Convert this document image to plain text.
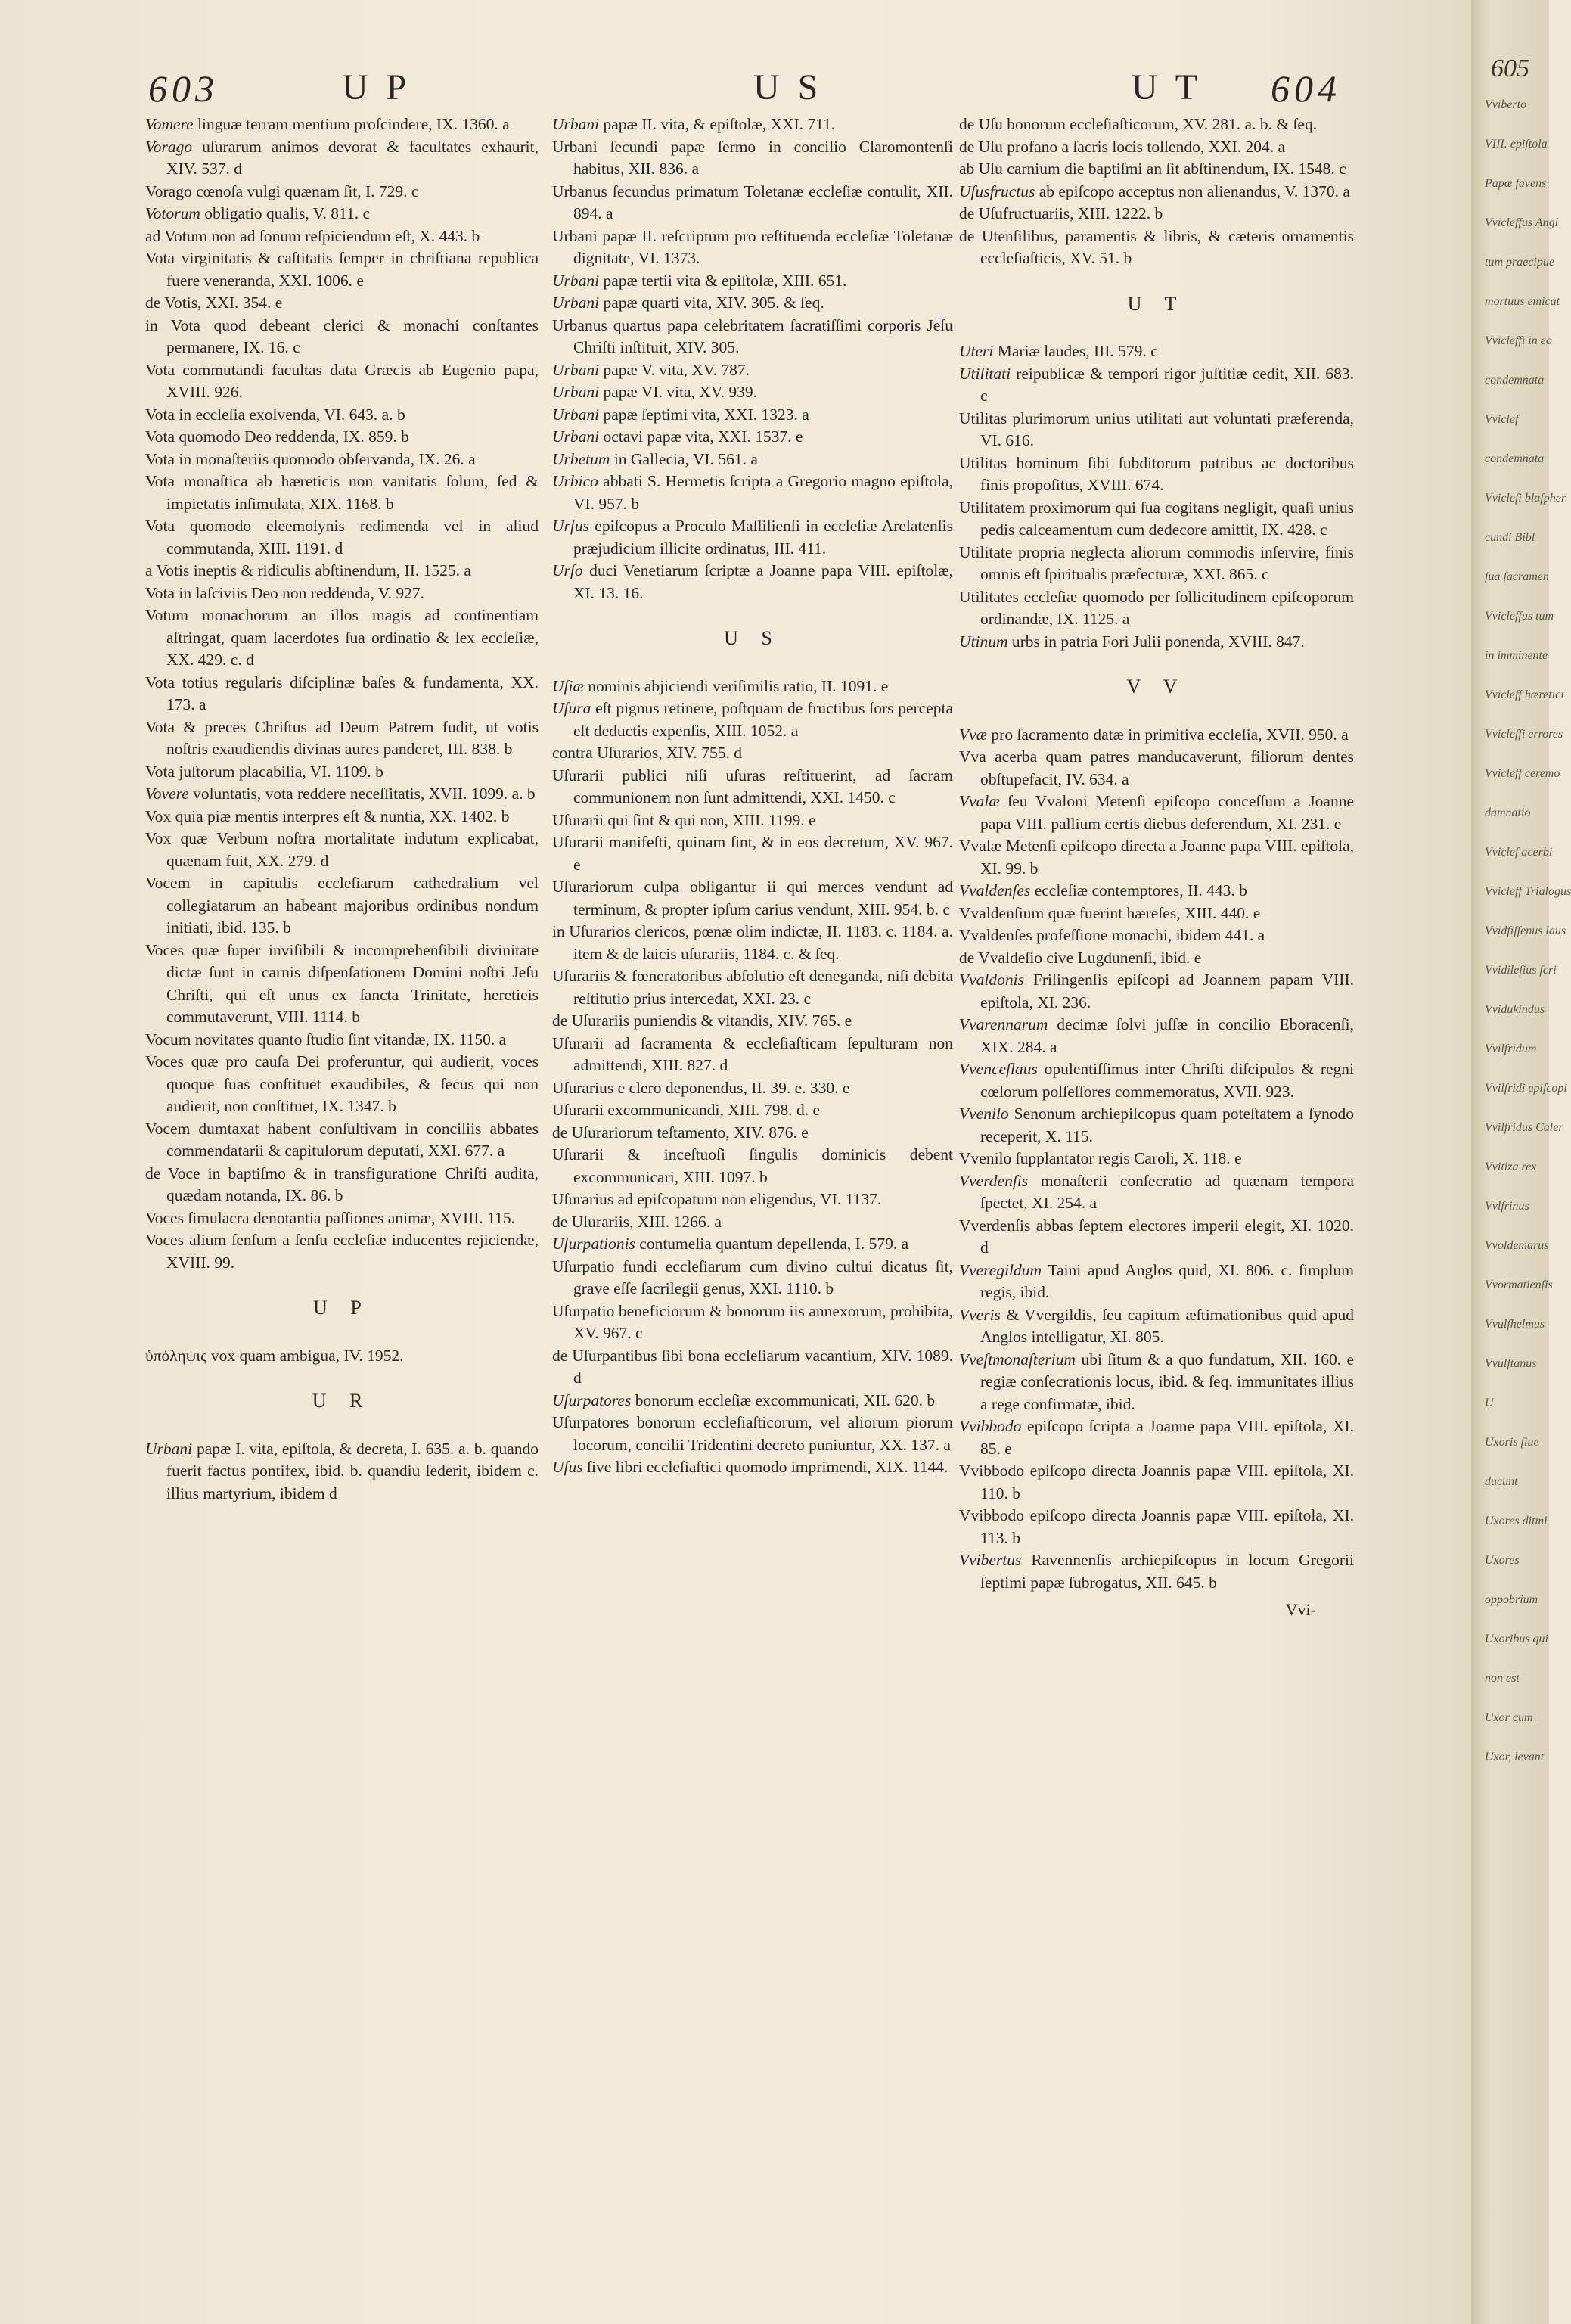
603	U P	U S	U T 604
Vomere linguæ terram mentium proſcindere, IX. 1360. a
Vorago uſurarum animos devorat & facultates exhaurit, XIV. 537. d
Vorago cœnoſa vulgi quænam ſit, I. 729. c
Votorum obligatio qualis, V. 811. c
ad Votum non ad ſonum reſpiciendum eſt, X. 443. b
Vota virginitatis & caſtitatis ſemper in chriſtiana republica fuere veneranda, XXI. 1006. e
de Votis, XXI. 354. e
in Vota quod debeant clerici & monachi conſtantes permanere, IX. 16. c
Vota commutandi facultas data Græcis ab Eugenio papa, XVIII. 926.
Vota in eccleſia exolvenda, VI. 643. a. b
Vota quomodo Deo reddenda, IX. 859. b
Vota in monaſteriis quomodo obſervanda, IX. 26. a
Vota monaſtica ab hæreticis non vanitatis ſolum, ſed & impietatis inſimulata, XIX. 1168. b
Vota quomodo eleemoſynis redimenda vel in aliud commutanda, XIII. 1191. d
a Votis ineptis & ridiculis abſtinendum, II. 1525. a
Vota in laſciviis Deo non reddenda, V. 927.
Votum monachorum an illos magis ad continentiam aſtringat, quam ſacerdotes ſua ordinatio & lex eccleſiæ, XX. 429. c. d
Vota totius regularis diſciplinæ baſes & fundamenta, XX. 173. a
Vota & preces Chriſtus ad Deum Patrem fudit, ut votis noſtris exaudiendis divinas aures panderet, III. 838. b
Vota juſtorum placabilia, VI. 1109. b
Vovere voluntatis, vota reddere neceſſitatis, XVII. 1099. a. b
Vox quia piæ mentis interpres eſt & nuntia, XX. 1402. b
Vox quæ Verbum noſtra mortalitate indutum explicabat, quænam fuit, XX. 279. d
Vocem in capitulis eccleſiarum cathedralium vel collegiatarum an habeant majoribus ordinibus nondum initiati, ibid. 135. b
Voces quæ ſuper inviſibili & incomprehenſibili divinitate dictæ ſunt in carnis diſpenſationem Domini noſtri Jeſu Chriſti, qui eſt unus ex ſancta Trinitate, heretieis commutaverunt, VIII. 1114. b
Vocum novitates quanto ſtudio ſint vitandæ, IX. 1150. a
Voces quæ pro cauſa Dei proferuntur, qui audierit, voces quoque ſuas conſtituet exaudibiles, & ſecus qui non audierit, non conſtituet, IX. 1347. b
Vocem dumtaxat habent conſultivam in conciliis abbates commendatarii & capitulorum deputati, XXI. 677. a
de Voce in baptiſmo & in transfiguratione Chriſti audita, quædam notanda, IX. 86. b
Voces ſimulacra denotantia paſſiones animæ, XVIII. 115.
Voces alium ſenſum a ſenſu eccleſiæ inducentes rejiciendæ, XVIII. 99.
U P
ὑπόληψις vox quam ambigua, IV. 1952.
U R
Urbani papæ I. vita, epiſtola, & decreta, I. 635. a. b. quando fuerit factus pontifex, ibid. b. quandiu ſederit, ibidem c. illius martyrium, ibidem d
Urbani papæ II. vita, & epiſtolæ, XXI. 711.
Urbani ſecundi papæ ſermo in concilio Claromontenſi habitus, XII. 836. a
Urbanus ſecundus primatum Toletanæ eccleſiæ contulit, XII. 894. a
Urbani papæ II. reſcriptum pro reſtituenda eccleſiæ Toletanæ dignitate, VI. 1373.
Urbani papæ tertii vita & epiſtolæ, XIII. 651.
Urbani papæ quarti vita, XIV. 305. & ſeq.
Urbanus quartus papa celebritatem ſacratiſſimi corporis Jeſu Chriſti inſtituit, XIV. 305.
Urbani papæ V. vita, XV. 787.
Urbani papæ VI. vita, XV. 939.
Urbani papæ ſeptimi vita, XXI. 1323. a
Urbani octavi papæ vita, XXI. 1537. e
Urbetum in Gallecia, VI. 561. a
Urbico abbati S. Hermetis ſcripta a Gregorio magno epiſtola, VI. 957. b
Urſus epiſcopus a Proculo Maſſilienſi in eccleſiæ Arelatenſis præjudicium illicite ordinatus, III. 411.
Urſo duci Venetiarum ſcriptæ a Joanne papa VIII. epiſtolæ, XI. 13. 16.
U S
Uſiæ nominis abjiciendi veriſimilis ratio, II. 1091. e
Uſura eſt pignus retinere, poſtquam de fructibus ſors percepta eſt deductis expenſis, XIII. 1052. a
contra Uſurarios, XIV. 755. d
Uſurarii publici niſi uſuras reſtituerint, ad ſacram communionem non ſunt admittendi, XXI. 1450. c
Uſurarii qui ſint & qui non, XIII. 1199. e
Uſurarii manifeſti, quinam ſint, & in eos decretum, XV. 967. e
Uſurariorum culpa obligantur ii qui merces vendunt ad terminum, & propter ipſum carius vendunt, XIII. 954. b. c
in Uſurarios clericos, pœnæ olim indictæ, II. 1183. c. 1184. a. item & de laicis uſurariis, 1184. c. & ſeq.
Uſurariis & fœneratoribus abſolutio eſt deneganda, niſi debita reſtitutio prius intercedat, XXI. 23. c
de Uſurariis puniendis & vitandis, XIV. 765. e
Uſurarii ad ſacramenta & eccleſiaſticam ſepulturam non admittendi, XIII. 827. d
Uſurarius e clero deponendus, II. 39. e. 330. e
Uſurarii excommunicandi, XIII. 798. d. e
de Uſurariorum teſtamento, XIV. 876. e
Uſurarii & inceſtuoſi ſingulis dominicis debent excommunicari, XIII. 1097. b
Uſurarius ad epiſcopatum non eligendus, VI. 1137.
de Uſurariis, XIII. 1266. a
Uſurpationis contumelia quantum depellenda, I. 579. a
Uſurpatio fundi eccleſiarum cum divino cultui dicatus ſit, grave eſſe ſacrilegii genus, XXI. 1110. b
Uſurpatio beneficiorum & bonorum iis annexorum, prohibita, XV. 967. c
de Uſurpantibus ſibi bona eccleſiarum vacantium, XIV. 1089. d
Uſurpatores bonorum eccleſiæ excommunicati, XII. 620. b
Uſurpatores bonorum eccleſiaſticorum, vel aliorum piorum locorum, concilii Tridentini decreto puniuntur, XX. 137. a
Uſus ſive libri eccleſiaſtici quomodo imprimendi, XIX. 1144.
de Uſu bonorum eccleſiaſticorum, XV. 281. a. b. & ſeq.
de Uſu profano a ſacris locis tollendo, XXI. 204. a
ab Uſu carnium die baptiſmi an ſit abſtinendum, IX. 1548. c
Uſusfructus ab epiſcopo acceptus non alienandus, V. 1370. a
de Uſufructuariis, XIII. 1222. b
de Utenſilibus, paramentis & libris, & cæteris ornamentis eccleſiaſticis, XV. 51. b
U T
Uteri Mariæ laudes, III. 579. c
Utilitati reipublicæ & tempori rigor juſtitiæ cedit, XII. 683. c
Utilitas plurimorum unius utilitati aut voluntati præferenda, VI. 616.
Utilitas hominum ſibi ſubditorum patribus ac doctoribus finis propoſitus, XVIII. 674.
Utilitatem proximorum qui ſua cogitans negligit, quaſi unius pedis calceamentum cum dedecore amittit, IX. 428. c
Utilitate propria neglecta aliorum commodis inſervire, finis omnis eſt ſpiritualis præfecturæ, XXI. 865. c
Utilitates eccleſiæ quomodo per ſollicitudinem epiſcoporum ordinandæ, IX. 1125. a
Utinum urbs in patria Fori Julii ponenda, XVIII. 847.
V V
Vvæ pro ſacramento datæ in primitiva eccleſia, XVII. 950. a
Vva acerba quam patres manducaverunt, filiorum dentes obſtupefacit, IV. 634. a
Vvalæ ſeu Vvaloni Metenſi epiſcopo conceſſum a Joanne papa VIII. pallium certis diebus deferendum, XI. 231. e
Vvalæ Metenſi epiſcopo directa a Joanne papa VIII. epiſtola, XI. 99. b
Vvaldenſes eccleſiæ contemptores, II. 443. b
Vvaldenſium quæ fuerint hæreſes, XIII. 440. e
Vvaldenſes profeſſione monachi, ibidem 441. a
de Vvaldeſio cive Lugdunenſi, ibid. e
Vvaldonis Friſingenſis epiſcopi ad Joannem papam VIII. epiſtola, XI. 236.
Vvarennarum decimæ ſolvi juſſæ in concilio Eboracenſi, XIX. 284. a
Vvenceſlaus opulentiſſimus inter Chriſti diſcipulos & regni cœlorum poſſeſſores commemoratus, XVII. 923.
Vvenilo Senonum archiepiſcopus quam poteſtatem a ſynodo receperit, X. 115.
Vvenilo ſupplantator regis Caroli, X. 118. e
Vverdenſis monaſterii conſecratio ad quænam tempora ſpectet, XI. 254. a
Vverdenſis abbas ſeptem electores imperii elegit, XI. 1020. d
Vveregildum Taini apud Anglos quid, XI. 806. c. ſimplum regis, ibid.
Vveris & Vvergildis, ſeu capitum æſtimationibus quid apud Anglos intelligatur, XI. 805.
Vveſtmonaſterium ubi ſitum & a quo fundatum, XII. 160. e regiæ conſecrationis locus, ibid. & ſeq. immunitates illius a rege confirmatæ, ibid.
Vvibbodo epiſcopo ſcripta a Joanne papa VIII. epiſtola, XI. 85. e
Vvibbodo epiſcopo directa Joannis papæ VIII. epiſtola, XI. 110. b
Vvibbodo epiſcopo directa Joannis papæ VIII. epiſtola, XI. 113. b
Vvibertus Ravennenſis archiepiſcopus in locum Gregorii ſeptimi papæ ſubrogatus, XII. 645. b
Vvi-
605
Vviberto
VIII. epiſtola
Papæ favens
Vvicleffus Angl
tum praecipue
mortuus emicat
Vvicleffi in eo
condemnata
Vviclef
condemnata
Vviclefi blaſpher
cundi Bibl
ſua ſacramen
Vvicleffus tum
in imminente
Vvicleff hæretici
Vvicleffi errores
Vvicleff ceremo
damnatio
Vviclef acerbi
Vvicleff Trialogus
Vvidfiſſenus laus
Vvidileſius ſcri
Vvidukindus
Vvilfridum
Vvilfridi epiſcopi
Vvilfridus Caler
Vvitiza rex
Vvlfrinus
Vvoldemarus
Vvormatienſis
Vvulfhelmus
Vvulſtanus
U
Uxoris ſiue
ducunt
Uxores ditmi
Uxores
oppobrium
Uxoribus qui
non est
Uxor cum
Uxor, levant
